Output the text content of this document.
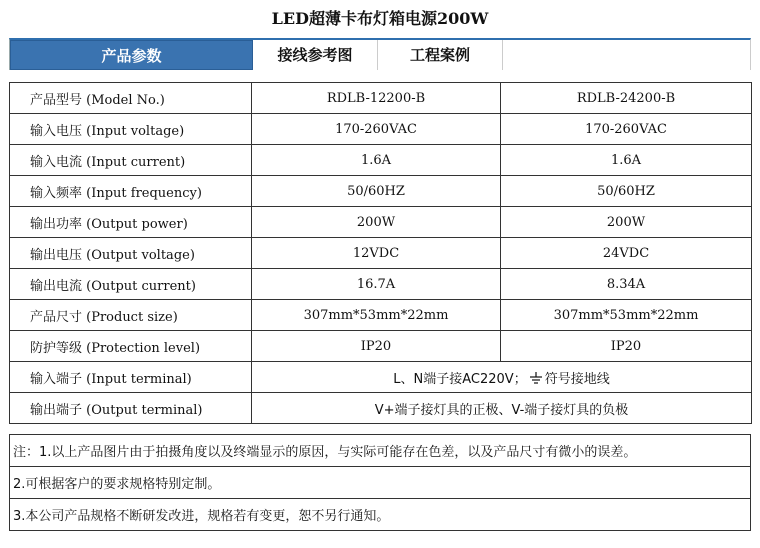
LED超薄卡布灯箱电源200W
产品参数	接线参考图	工程案例
产品型号 (Model No.)	RDLB-12200-B	RDLB-24200-B
输入电压 (Input voltage)	170-260VAC	170-260VAC
输入电流 (Input current)	1.6A	1.6A
输入频率 (Input frequency)	50/60HZ	50/60HZ
输出功率 (Output power)	200W	200W
输出电压 (Output voltage)	12VDC	24VDC
输出电流 (Output current)	16.7A	8.34A
产品尺寸 (Product size)	307mm*53mm*22mm	307mm*53mm*22mm
防护等级 (Protection level)	IP20	IP20
输入端子 (Input terminal)	L、N端子接AC220V； 符号接地线	
输出端子 (Output terminal)	V+端子接灯具的正极、V-端子接灯具的负极	
注：1.以上产品图片由于拍摄角度以及终端显示的原因，与实际可能存在色差，以及产品尺寸有微小的误差。
2.可根据客户的要求规格特别定制。
3.本公司产品规格不断研发改进，规格若有变更，恕不另行通知。
